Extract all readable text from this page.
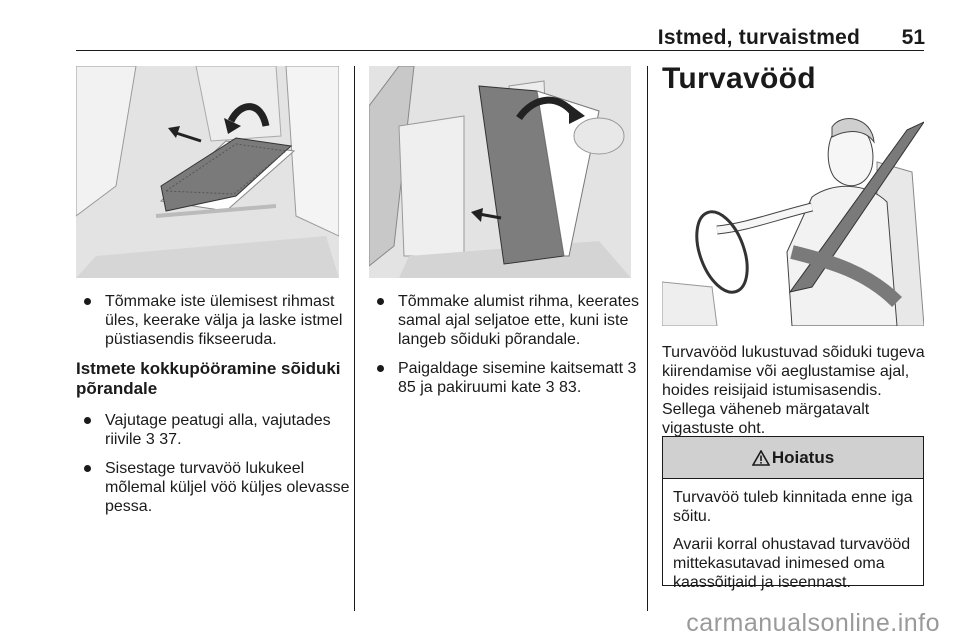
Istmed, turvaistmed	51
Tõmmake iste ülemisest rihmast üles, keerake välja ja laske istmel püstiasendis fikseeruda.
Istmete kokkupööramine sõiduki põrandale
Vajutage peatugi alla, vajutades riivile 3 37.
Sisestage turvavöö lukukeel mõlemal küljel vöö küljes olevasse pessa.
Tõmmake alumist rihma, keerates samal ajal seljatoe ette, kuni iste langeb sõiduki põrandale.
Paigaldage sisemine kaitsematt 3 85 ja pakiruumi kate 3 83.
Turvavööd
Turvavööd lukustuvad sõiduki tugeva kiirendamise või aeglustamise ajal, hoides reisijaid istumisasendis.
Sellega väheneb märgatavalt vigastuste oht.
Hoiatus

Turvavöö tuleb kinnitada enne iga sõitu.

Avarii korral ohustavad turvavööd mittekasutavad inimesed oma kaassõitjaid ja iseennast.

carmanualsonline.info
